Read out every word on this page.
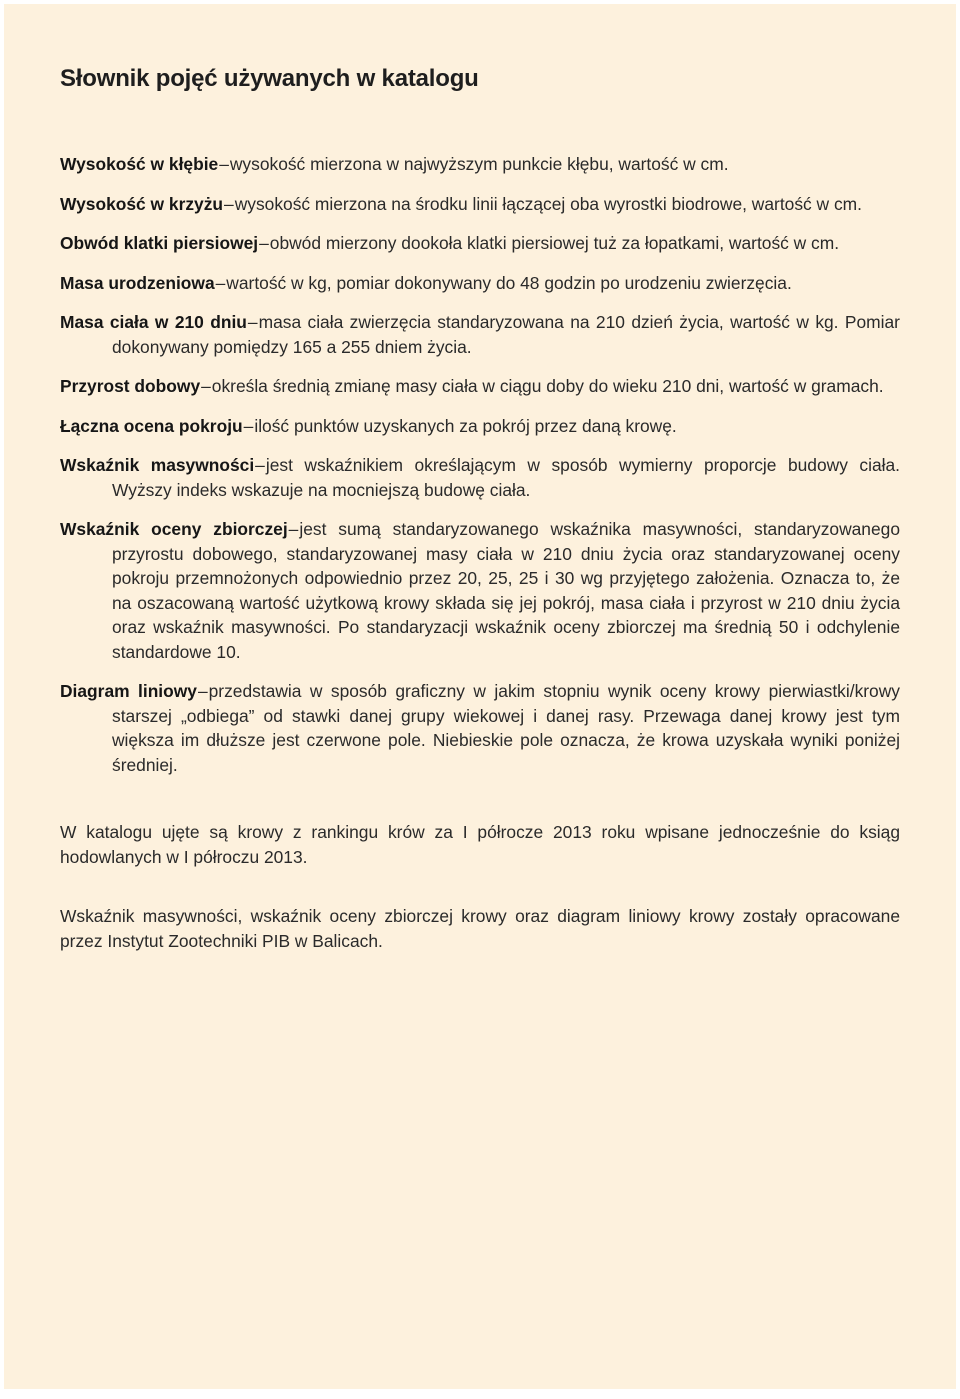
Słownik pojęć używanych w katalogu

Wysokość w kłębie–wysokość mierzona w najwyższym punkcie kłębu, wartość w cm.

Wysokość w krzyżu–wysokość mierzona na środku linii łączącej oba wyrostki biodrowe, wartość w cm.

Obwód klatki piersiowej–obwód mierzony dookoła klatki piersiowej tuż za łopatkami, wartość w cm.

Masa urodzeniowa–wartość w kg, pomiar dokonywany do 48 godzin po urodzeniu zwierzęcia.

Masa ciała w 210 dniu–masa ciała zwierzęcia standaryzowana na 210 dzień życia, wartość w kg. Pomiar dokonywany pomiędzy 165 a 255 dniem życia.

Przyrost dobowy–określa średnią zmianę masy ciała w ciągu doby do wieku 210 dni, wartość w gramach.

Łączna ocena pokroju–ilość punktów uzyskanych za pokrój przez daną krowę.

Wskaźnik masywności–jest wskaźnikiem określającym w sposób wymierny proporcje budowy ciała. Wyższy indeks wskazuje na mocniejszą budowę ciała.

Wskaźnik oceny zbiorczej–jest sumą standaryzowanego wskaźnika masywności, standaryzowanego przyrostu dobowego, standaryzowanej masy ciała w 210 dniu życia oraz standaryzowanej oceny pokroju przemnożonych odpowiednio przez 20, 25, 25 i 30 wg przyjętego założenia. Oznacza to, że na oszacowaną wartość użytkową krowy składa się jej pokrój, masa ciała i przyrost w 210 dniu życia oraz wskaźnik masywności. Po standaryzacji wskaźnik oceny zbiorczej ma średnią 50 i odchylenie standardowe 10.

Diagram liniowy–przedstawia w sposób graficzny w jakim stopniu wynik oceny krowy pierwiastki/krowy starszej „odbiega” od stawki danej grupy wiekowej i danej rasy. Przewaga danej krowy jest tym większa im dłuższe jest czerwone pole. Niebieskie pole oznacza, że krowa uzyskała wyniki poniżej średniej.

W katalogu ujęte są krowy z rankingu krów za I półrocze 2013 roku wpisane jednocześnie do ksiąg hodowlanych w I półroczu 2013.

Wskaźnik masywności, wskaźnik oceny zbiorczej krowy oraz diagram liniowy krowy zostały opracowane przez Instytut Zootechniki PIB w Balicach.
